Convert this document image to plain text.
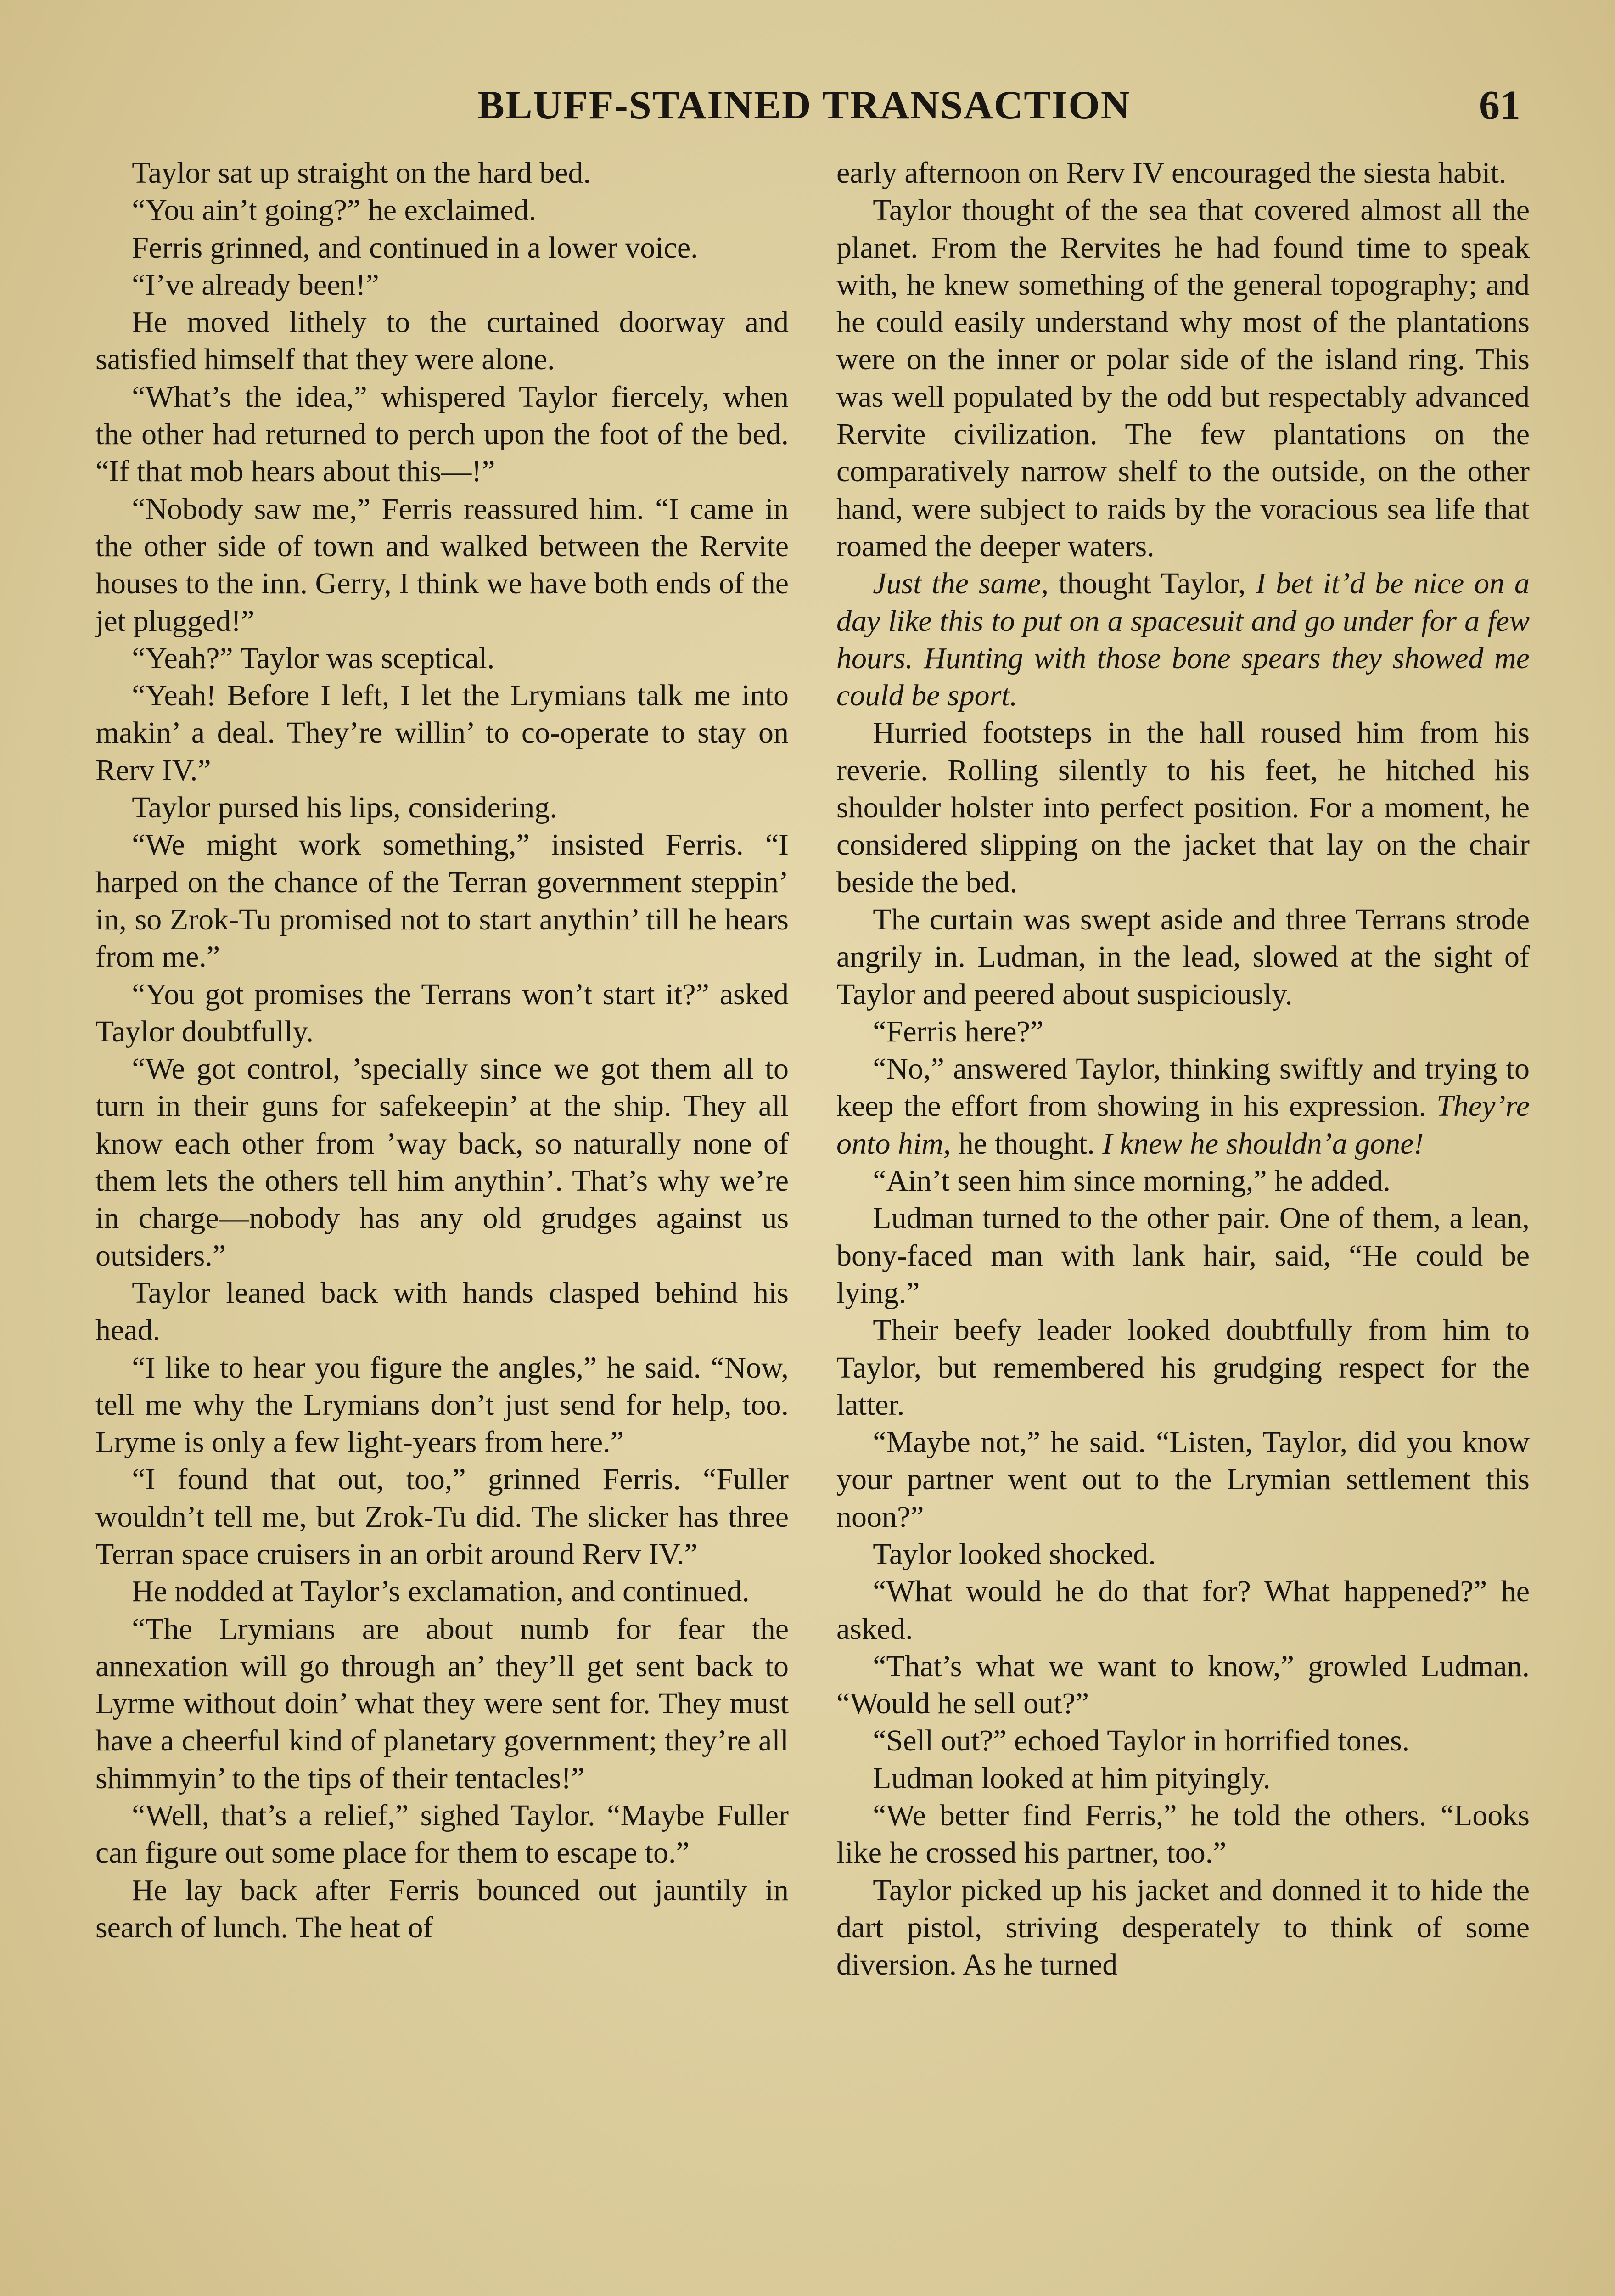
BLUFF-STAINED TRANSACTION	61

Taylor sat up straight on the hard bed.

“You ain’t going?” he exclaimed.

Ferris grinned, and continued in a lower voice.

“I’ve already been!”

He moved lithely to the curtained doorway and satisfied himself that they were alone.

“What’s the idea,” whispered Taylor fiercely, when the other had returned to perch upon the foot of the bed. “If that mob hears about this—!”

“Nobody saw me,” Ferris reassured him. “I came in the other side of town and walked between the Rervite houses to the inn. Gerry, I think we have both ends of the jet plugged!”

“Yeah?” Taylor was sceptical.

“Yeah! Before I left, I let the Lrymians talk me into makin’ a deal. They’re willin’ to co-operate to stay on Rerv IV.”

Taylor pursed his lips, considering.

“We might work something,” insisted Ferris. “I harped on the chance of the Terran government steppin’ in, so Zrok-Tu promised not to start anythin’ till he hears from me.”

“You got promises the Terrans won’t start it?” asked Taylor doubtfully.

“We got control, ’specially since we got them all to turn in their guns for safekeepin’ at the ship. They all know each other from ’way back, so naturally none of them lets the others tell him anythin’. That’s why we’re in charge—nobody has any old grudges against us outsiders.”

Taylor leaned back with hands clasped behind his head.

“I like to hear you figure the angles,” he said. “Now, tell me why the Lrymians don’t just send for help, too. Lryme is only a few light-years from here.”

“I found that out, too,” grinned Ferris. “Fuller wouldn’t tell me, but Zrok-Tu did. The slicker has three Terran space cruisers in an orbit around Rerv IV.”

He nodded at Taylor’s exclamation, and continued.

“The Lrymians are about numb for fear the annexation will go through an’ they’ll get sent back to Lyrme without doin’ what they were sent for. They must have a cheerful kind of planetary government; they’re all shimmyin’ to the tips of their tentacles!”

“Well, that’s a relief,” sighed Taylor. “Maybe Fuller can figure out some place for them to escape to.”

He lay back after Ferris bounced out jauntily in search of lunch. The heat of

early afternoon on Rerv IV encouraged the siesta habit.

Taylor thought of the sea that covered almost all the planet. From the Rervites he had found time to speak with, he knew something of the general topography; and he could easily understand why most of the plantations were on the inner or polar side of the island ring. This was well populated by the odd but respectably advanced Rervite civilization. The few plantations on the comparatively narrow shelf to the outside, on the other hand, were subject to raids by the voracious sea life that roamed the deeper waters.

Just the same, thought Taylor, I bet it’d be nice on a day like this to put on a spacesuit and go under for a few hours. Hunting with those bone spears they showed me could be sport.

Hurried footsteps in the hall roused him from his reverie. Rolling silently to his feet, he hitched his shoulder holster into perfect position. For a moment, he considered slipping on the jacket that lay on the chair beside the bed.

The curtain was swept aside and three Terrans strode angrily in. Ludman, in the lead, slowed at the sight of Taylor and peered about suspiciously.

“Ferris here?”

“No,” answered Taylor, thinking swiftly and trying to keep the effort from showing in his expression. They’re onto him, he thought. I knew he shouldn’a gone!

“Ain’t seen him since morning,” he added.

Ludman turned to the other pair. One of them, a lean, bony-faced man with lank hair, said, “He could be lying.”

Their beefy leader looked doubtfully from him to Taylor, but remembered his grudging respect for the latter.

“Maybe not,” he said. “Listen, Taylor, did you know your partner went out to the Lrymian settlement this noon?”

Taylor looked shocked.

“What would he do that for? What happened?” he asked.

“That’s what we want to know,” growled Ludman. “Would he sell out?”

“Sell out?” echoed Taylor in horrified tones.

Ludman looked at him pityingly.

“We better find Ferris,” he told the others. “Looks like he crossed his partner, too.”

Taylor picked up his jacket and donned it to hide the dart pistol, striving desperately to think of some diversion. As he turned
